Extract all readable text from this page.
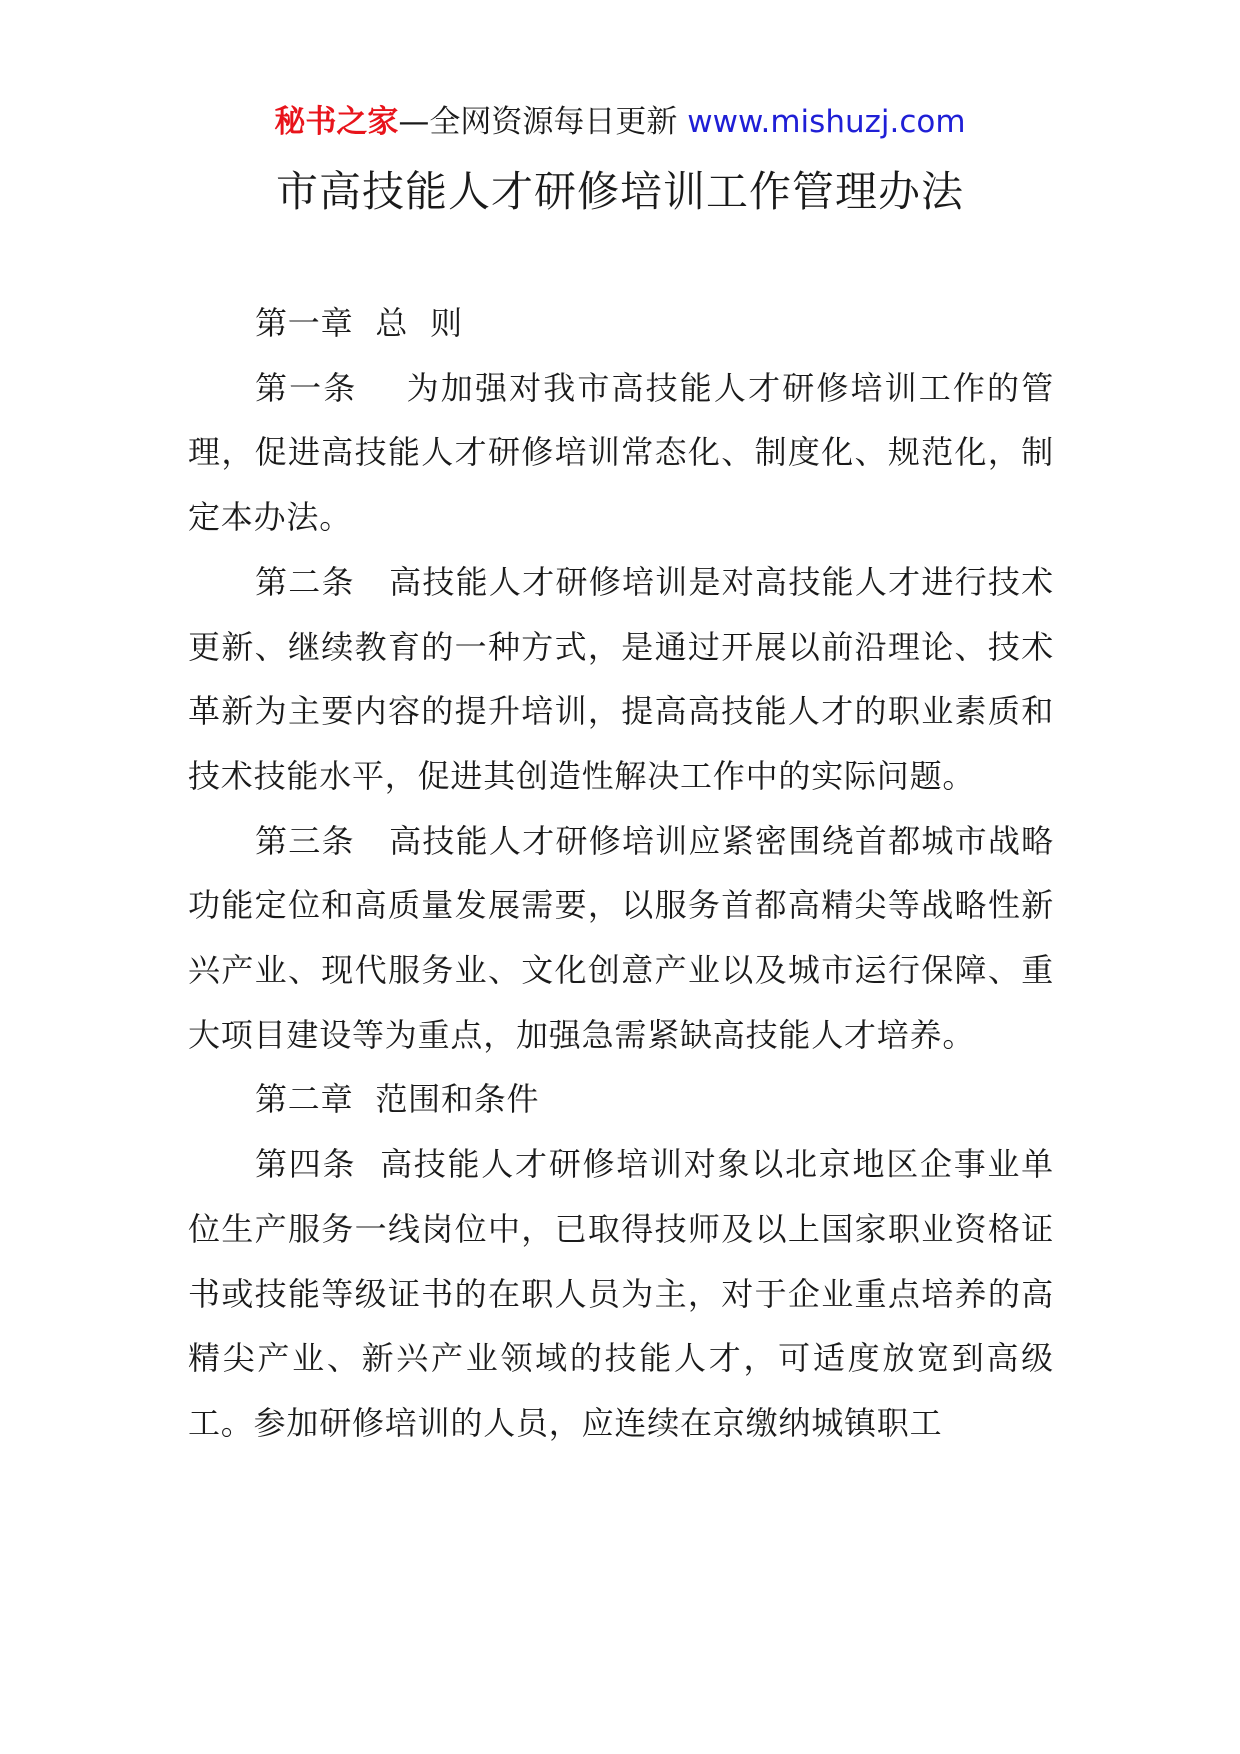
秘书之家—全网资源每日更新 www.mishuzj.com
市高技能人才研修培训工作管理办法

第一章  总  则

第一条    为加强对我市高技能人才研修培训工作的管理，促进高技能人才研修培训常态化、制度化、规范化，制定本办法。

第二条   高技能人才研修培训是对高技能人才进行技术更新、继续教育的一种方式，是通过开展以前沿理论、技术革新为主要内容的提升培训，提高高技能人才的职业素质和技术技能水平，促进其创造性解决工作中的实际问题。

第三条   高技能人才研修培训应紧密围绕首都城市战略功能定位和高质量发展需要，以服务首都高精尖等战略性新兴产业、现代服务业、文化创意产业以及城市运行保障、重大项目建设等为重点，加强急需紧缺高技能人才培养。

第二章  范围和条件

第四条  高技能人才研修培训对象以北京地区企事业单位生产服务一线岗位中，已取得技师及以上国家职业资格证书或技能等级证书的在职人员为主，对于企业重点培养的高精尖产业、新兴产业领域的技能人才，可适度放宽到高级工。参加研修培训的人员，应连续在京缴纳城镇职工
